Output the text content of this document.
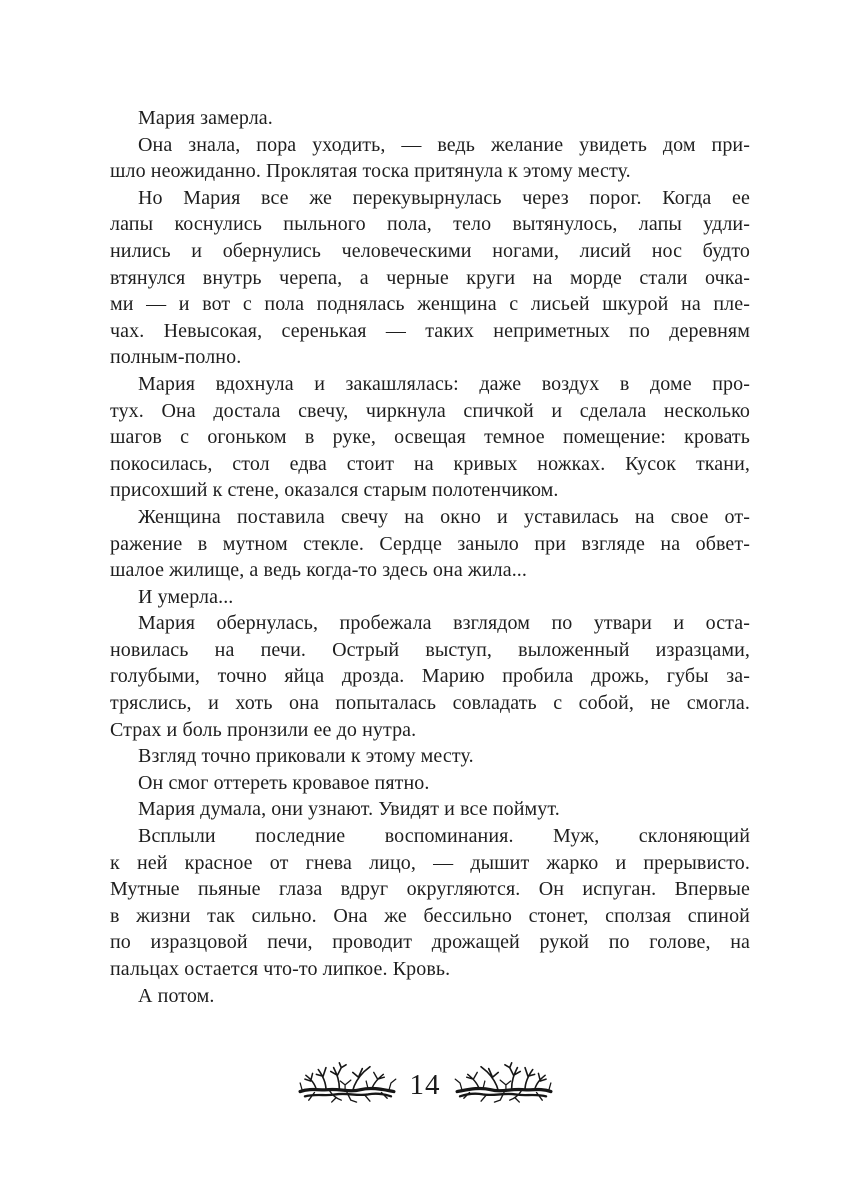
Мария замерла.

Она знала, пора уходить, — ведь желание увидеть дом при-
шло неожиданно. Проклятая тоска притянула к этому месту.

Но Мария все же перекувырнулась через порог. Когда ее
лапы коснулись пыльного пола, тело вытянулось, лапы удли-
нились и обернулись человеческими ногами, лисий нос будто
втянулся внутрь черепа, а черные круги на морде стали очка-
ми — и вот с пола поднялась женщина с лисьей шкурой на пле-
чах. Невысокая, серенькая — таких неприметных по деревням
полным-полно.

Мария вдохнула и закашлялась: даже воздух в доме про-
тух. Она достала свечу, чиркнула спичкой и сделала несколько
шагов с огоньком в руке, освещая темное помещение: кровать
покосилась, стол едва стоит на кривых ножках. Кусок ткани,
присохший к стене, оказался старым полотенчиком.

Женщина поставила свечу на окно и уставилась на свое от-
ражение в мутном стекле. Сердце заныло при взгляде на обвет-
шалое жилище, а ведь когда-то здесь она жила...

И умерла...

Мария обернулась, пробежала взглядом по утвари и оста-
новилась на печи. Острый выступ, выложенный изразцами,
голубыми, точно яйца дрозда. Марию пробила дрожь, губы за-
тряслись, и хоть она попыталась совладать с собой, не смогла.
Страх и боль пронзили ее до нутра.

Взгляд точно приковали к этому месту.

Он смог оттереть кровавое пятно.

Мария думала, они узнают. Увидят и все поймут.

Всплыли последние воспоминания. Муж, склоняющий
к ней красное от гнева лицо, — дышит жарко и прерывисто.
Мутные пьяные глаза вдруг округляются. Он испуган. Впервые
в жизни так сильно. Она же бессильно стонет, сползая спиной
по изразцовой печи, проводит дрожащей рукой по голове, на
пальцах остается что-то липкое. Кровь.

А потом.

14
